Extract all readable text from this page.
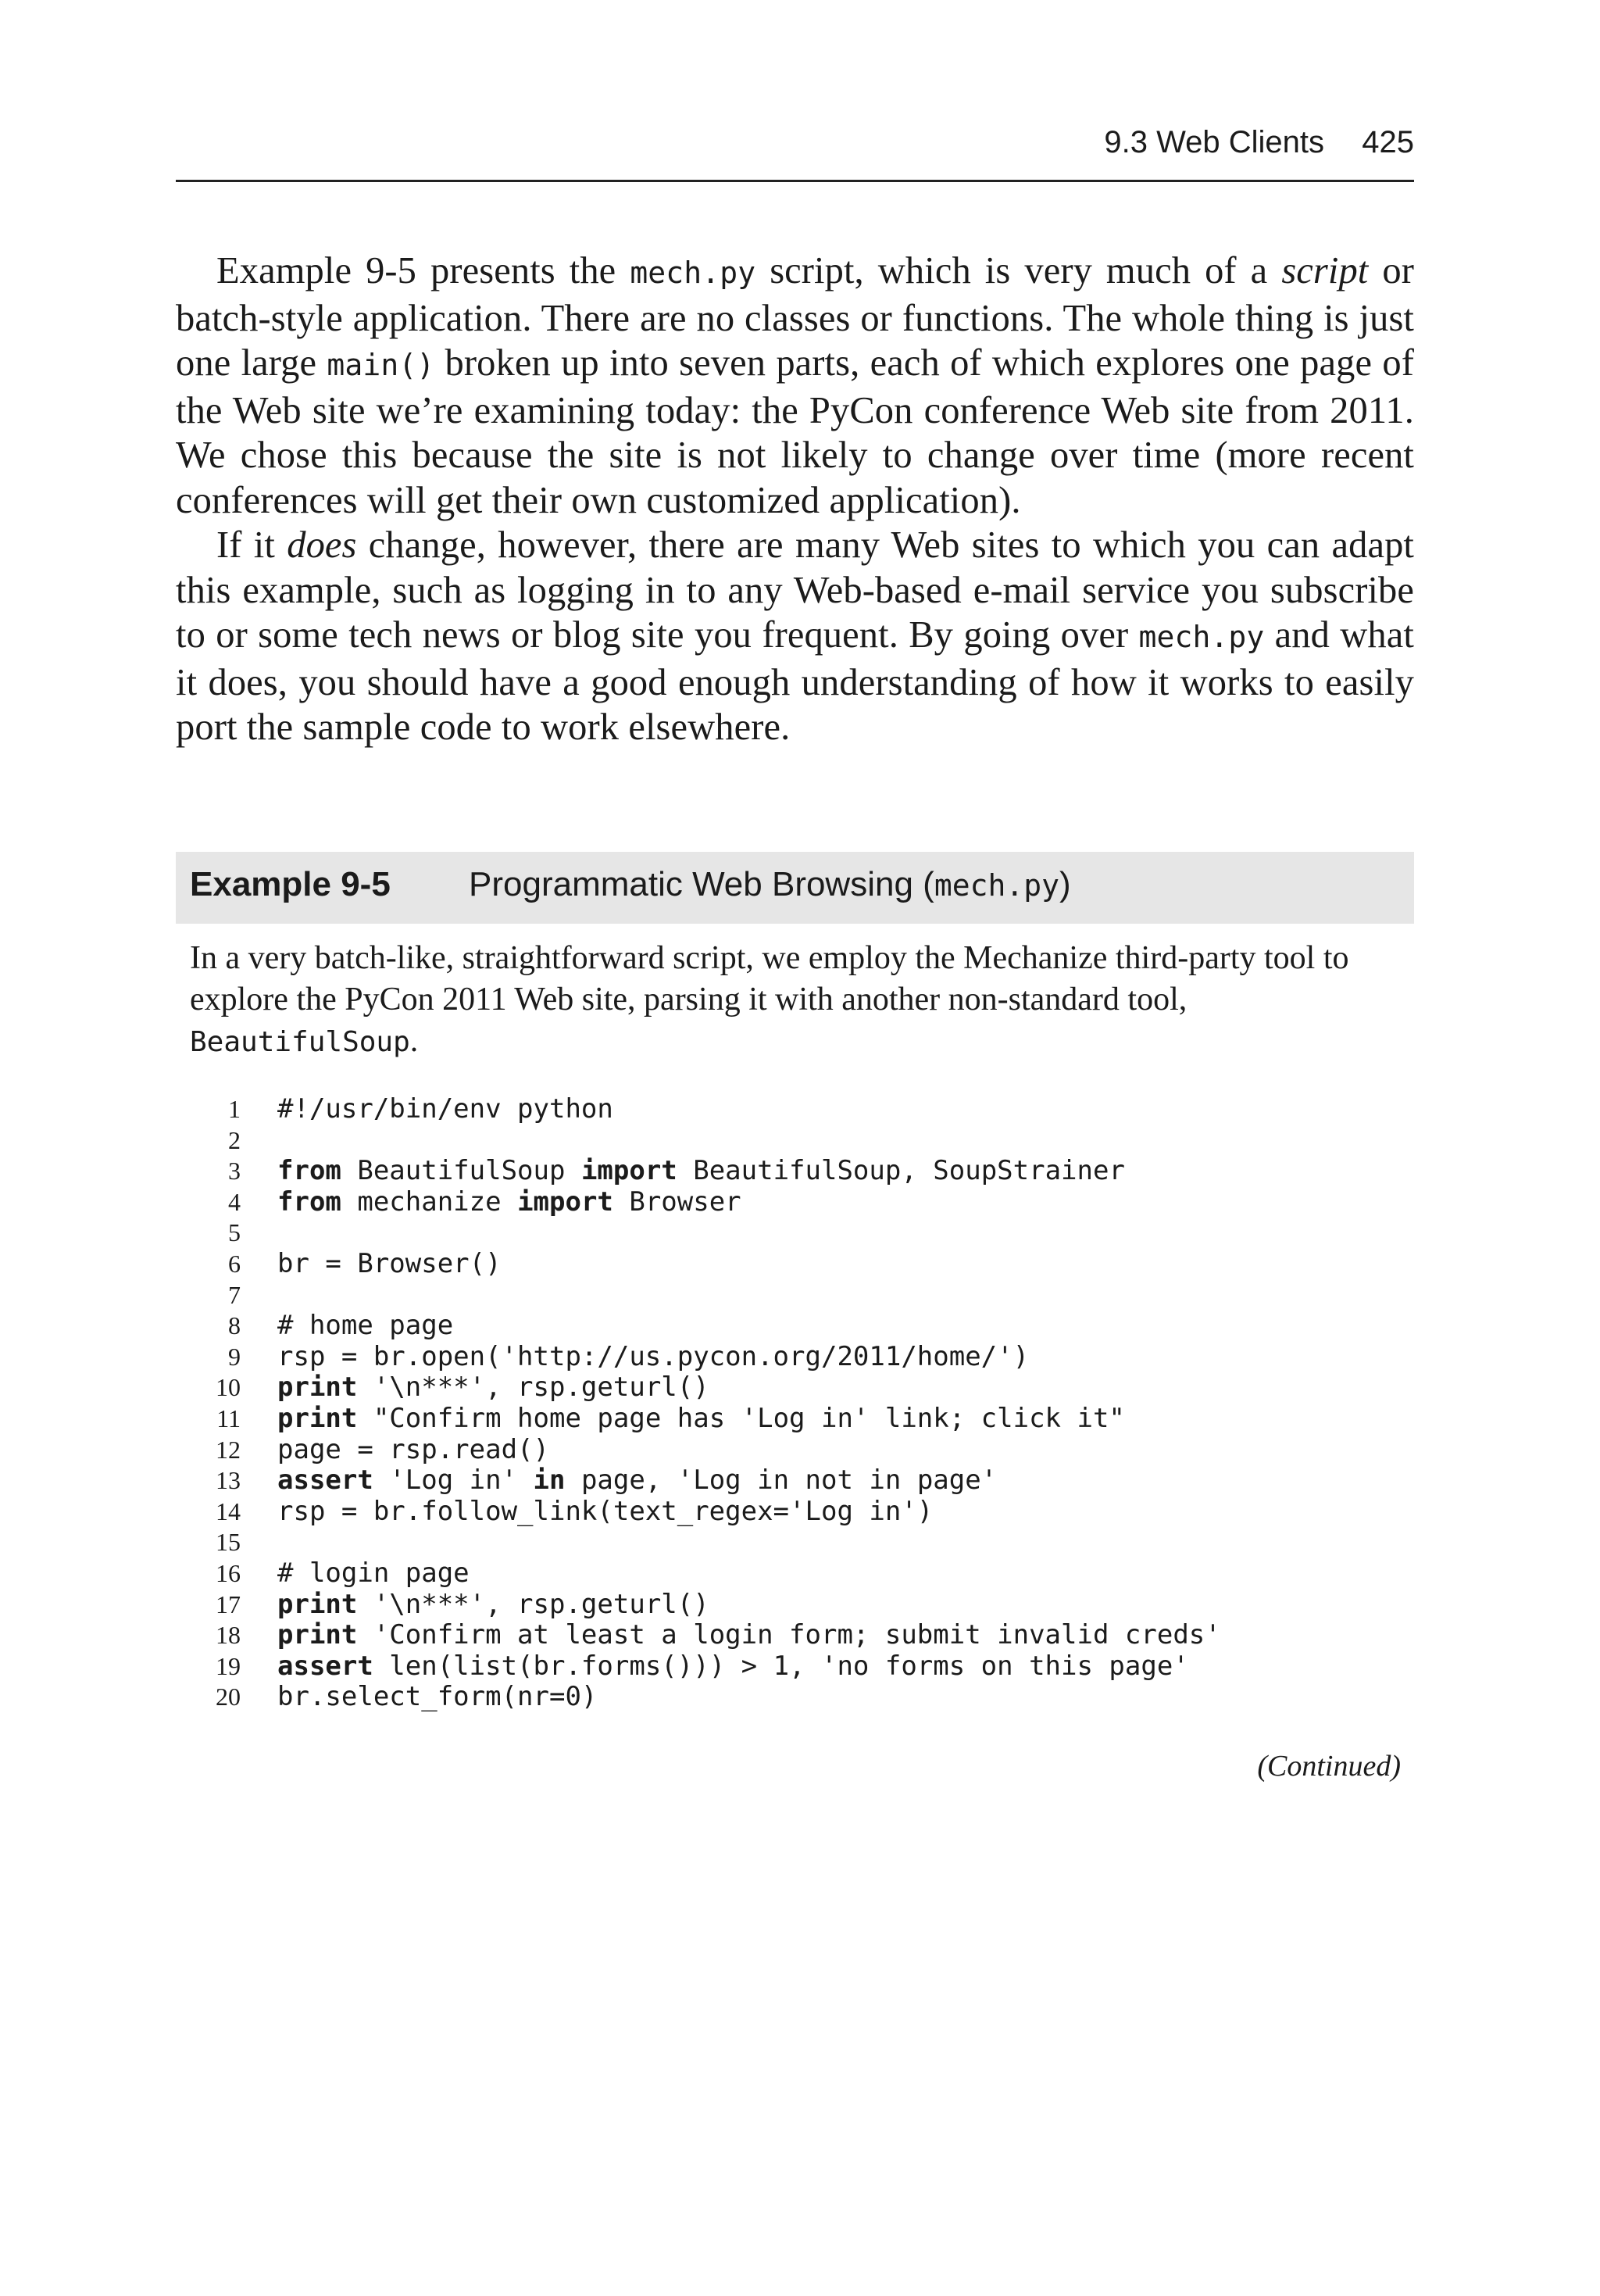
9.3 Web Clients 425

Example 9-5 presents the mech.py script, which is very much of a script or batch-style application. There are no classes or functions. The whole thing is just one large main() broken up into seven parts, each of which explores one page of the Web site we’re examining today: the PyCon conference Web site from 2011. We chose this because the site is not likely to change over time (more recent conferences will get their own customized application).

If it does change, however, there are many Web sites to which you can adapt this example, such as logging in to any Web-based e-mail service you subscribe to or some tech news or blog site you frequent. By going over mech.py and what it does, you should have a good enough understanding of how it works to easily port the sample code to work elsewhere.

Example 9-5 Programmatic Web Browsing (mech.py)
In a very batch-like, straightforward script, we employ the Mechanize third-party tool to explore the PyCon 2011 Web site, parsing it with another non-standard tool, BeautifulSoup.
1 #!/usr/bin/env python
2
3 from BeautifulSoup import BeautifulSoup, SoupStrainer
4 from mechanize import Browser
5
6 br = Browser()
7
8 # home page
9 rsp = br.open('http://us.pycon.org/2011/home/')
10 print '\n***', rsp.geturl()
11 print "Confirm home page has 'Log in' link; click it"
12 page = rsp.read()
13 assert 'Log in' in page, 'Log in not in page'
14 rsp = br.follow_link(text_regex='Log in')
15
16 # login page
17 print '\n***', rsp.geturl()
18 print 'Confirm at least a login form; submit invalid creds'
19 assert len(list(br.forms())) > 1, 'no forms on this page'
20 br.select_form(nr=0)
(Continued)
